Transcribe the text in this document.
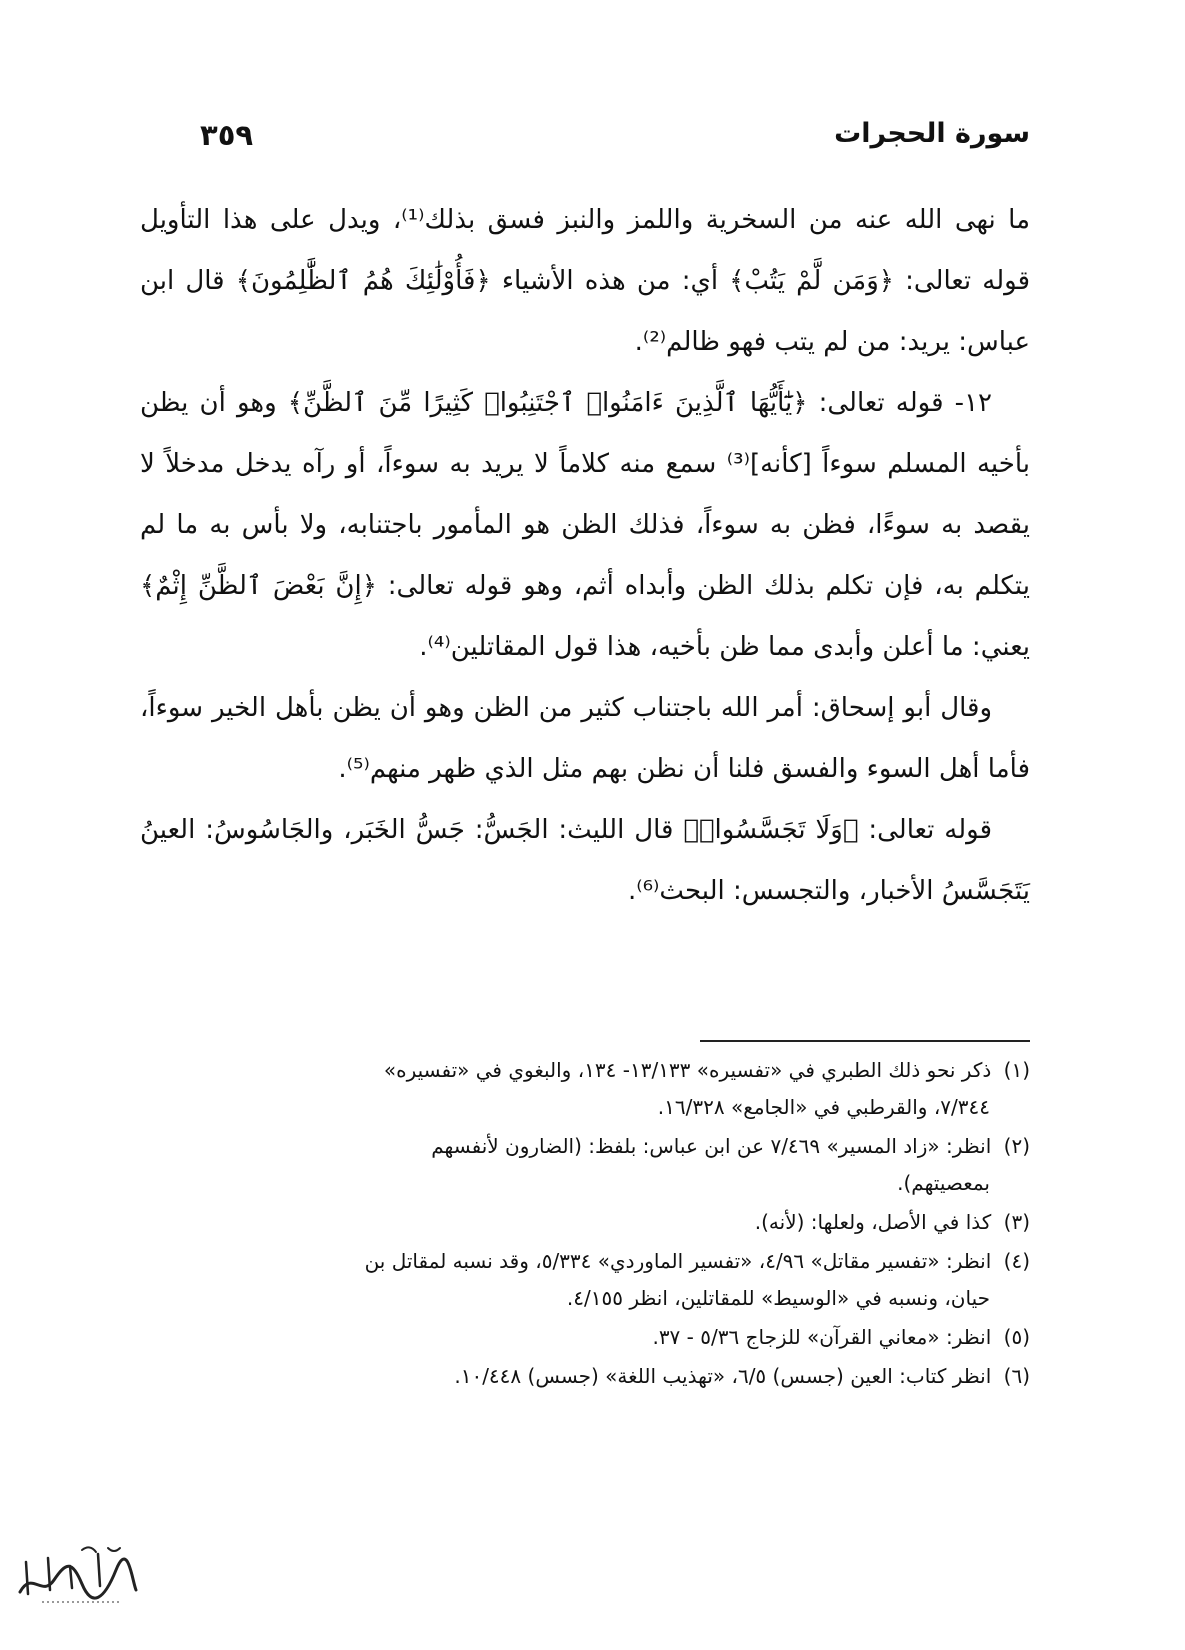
سورة الحجرات
٣٥٩

ما نهى الله عنه من السخرية واللمز والنبز فسق بذلك⁽¹⁾، ويدل على هذا التأويل قوله تعالى: ﴿وَمَن لَّمْ يَتُبْ﴾ أي: من هذه الأشياء ﴿فَأُوْلَٰئِكَ هُمُ ٱلظَّٰلِمُونَ﴾ قال ابن عباس: يريد: من لم يتب فهو ظالم⁽²⁾.

١٢- قوله تعالى: ﴿يَٰٓأَيُّهَا ٱلَّذِينَ ءَامَنُوا۟ ٱجْتَنِبُوا۟ كَثِيرًا مِّنَ ٱلظَّنِّ﴾ وهو أن يظن بأخيه المسلم سوءاً [كأنه]⁽³⁾ سمع منه كلاماً لا يريد به سوءاً، أو رآه يدخل مدخلاً لا يقصد به سوءًا، فظن به سوءاً، فذلك الظن هو المأمور باجتنابه، ولا بأس به ما لم يتكلم به، فإن تكلم بذلك الظن وأبداه أثم، وهو قوله تعالى: ﴿إِنَّ بَعْضَ ٱلظَّنِّ إِثْمٌ﴾ يعني: ما أعلن وأبدى مما ظن بأخيه، هذا قول المقاتلين⁽⁴⁾.

وقال أبو إسحاق: أمر الله باجتناب كثير من الظن وهو أن يظن بأهل الخير سوءاً، فأما أهل السوء والفسق فلنا أن نظن بهم مثل الذي ظهر منهم⁽⁵⁾.

قوله تعالى: ﴿وَلَا تَجَسَّسُوا۟﴾ قال الليث: الجَسُّ: جَسُّ الخَبَر، والجَاسُوسُ: العينُ يَتَجَسَّسُ الأخبار، والتجسس: البحث⁽⁶⁾.

(١) ذكر نحو ذلك الطبري في «تفسيره» ١٣/١٣٣- ١٣٤، والبغوي في «تفسيره»
٧/٣٤٤، والقرطبي في «الجامع» ١٦/٣٢٨.

(٢) انظر: «زاد المسير» ٧/٤٦٩ عن ابن عباس: بلفظ: (الضارون لأنفسهم
بمعصيتهم).

(٣) كذا في الأصل، ولعلها: (لأنه).

(٤) انظر: «تفسير مقاتل» ٤/٩٦، «تفسير الماوردي» ٥/٣٣٤، وقد نسبه لمقاتل بن
حيان، ونسبه في «الوسيط» للمقاتلين، انظر ٤/١٥٥.

(٥) انظر: «معاني القرآن» للزجاج ٥/٣٦ - ٣٧.

(٦) انظر كتاب: العين (جسس) ٦/٥، «تهذيب اللغة» (جسس) ١٠/٤٤٨.
